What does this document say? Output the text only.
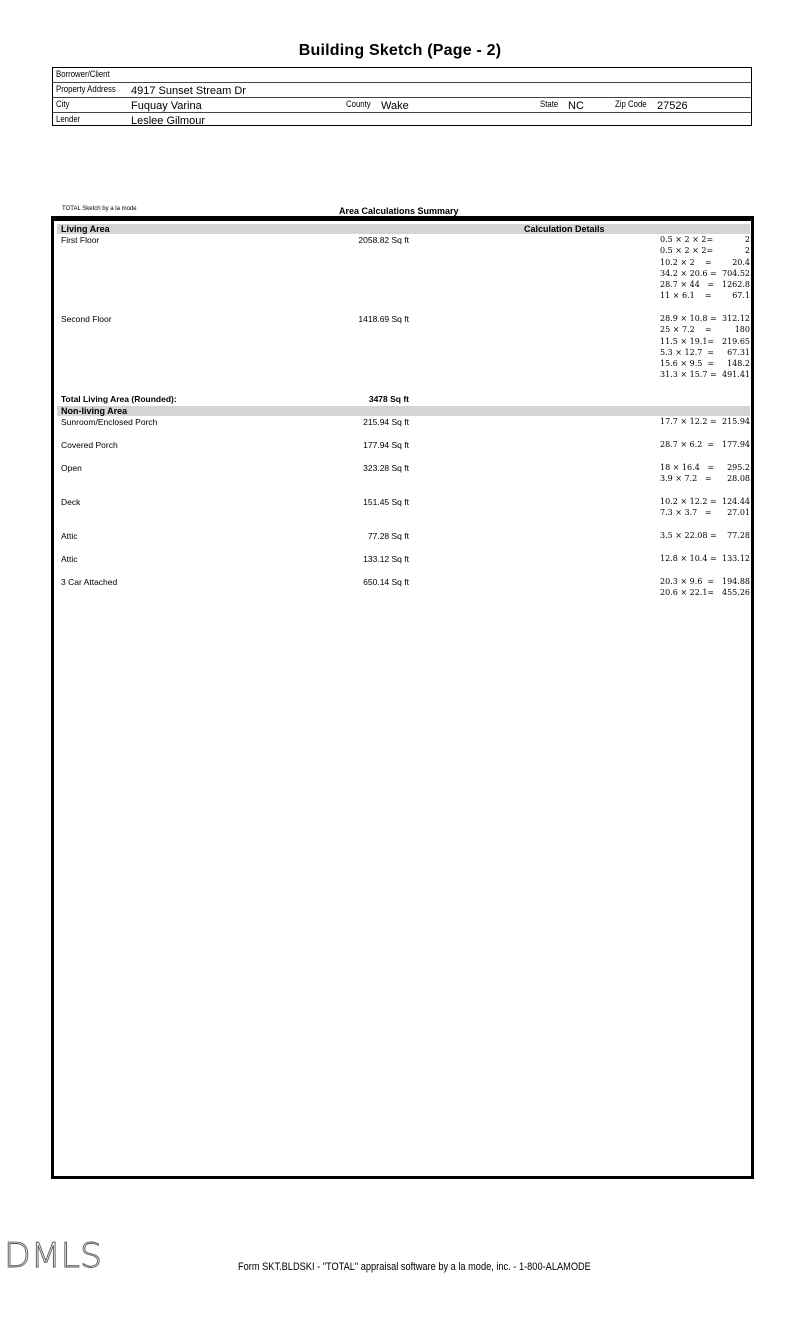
Building Sketch (Page - 2)
Borrower/Client
Property Address 4917 Sunset Stream Dr
City	Fuquay Varina	County Wake	State NC	Zip Code 27526
Lender	Leslee Gilmour
TOTAL Sketch by a la mode	Area Calculations Summary
Living Area	Calculation Details
First Floor	2058.82 Sq ft	0.5 × 2 × 2=	2
0.5 × 2 × 2=	2
10.2 × 2    =	20.4
34.2 × 20.6 = 704.52
28.7 × 44   = 1262.8
11 × 6.1    =	67.1
Second Floor	1418.69 Sq ft	28.9 × 10.8 = 312.12
25 × 7.2    =	180
11.5 × 19.1= 219.65
5.3 × 12.7  = 67.31
15.6 × 9.5  = 148.2
31.3 × 15.7 = 491.41
Total Living Area (Rounded):	3478 Sq ft
Non-living Area
Sunroom/Enclosed Porch	215.94 Sq ft	17.7 × 12.2 = 215.94
Covered Porch	177.94 Sq ft	28.7 × 6.2  = 177.94
Open	323.28 Sq ft	18 × 16.4   = 295.2
3.9 × 7.2   = 28.08
Deck	151.45 Sq ft	10.2 × 12.2 = 124.44
7.3 × 3.7   = 27.01
Attic	77.28 Sq ft	3.5 × 22.08 = 77.28
Attic	133.12 Sq ft	12.8 × 10.4 = 133.12
3 Car Attached	650.14 Sq ft	20.3 × 9.6  = 194.88
20.6 × 22.1= 455.26
DMLS	Form SKT.BLDSKI - "TOTAL" appraisal software by a la mode, inc. - 1-800-ALAMODE
